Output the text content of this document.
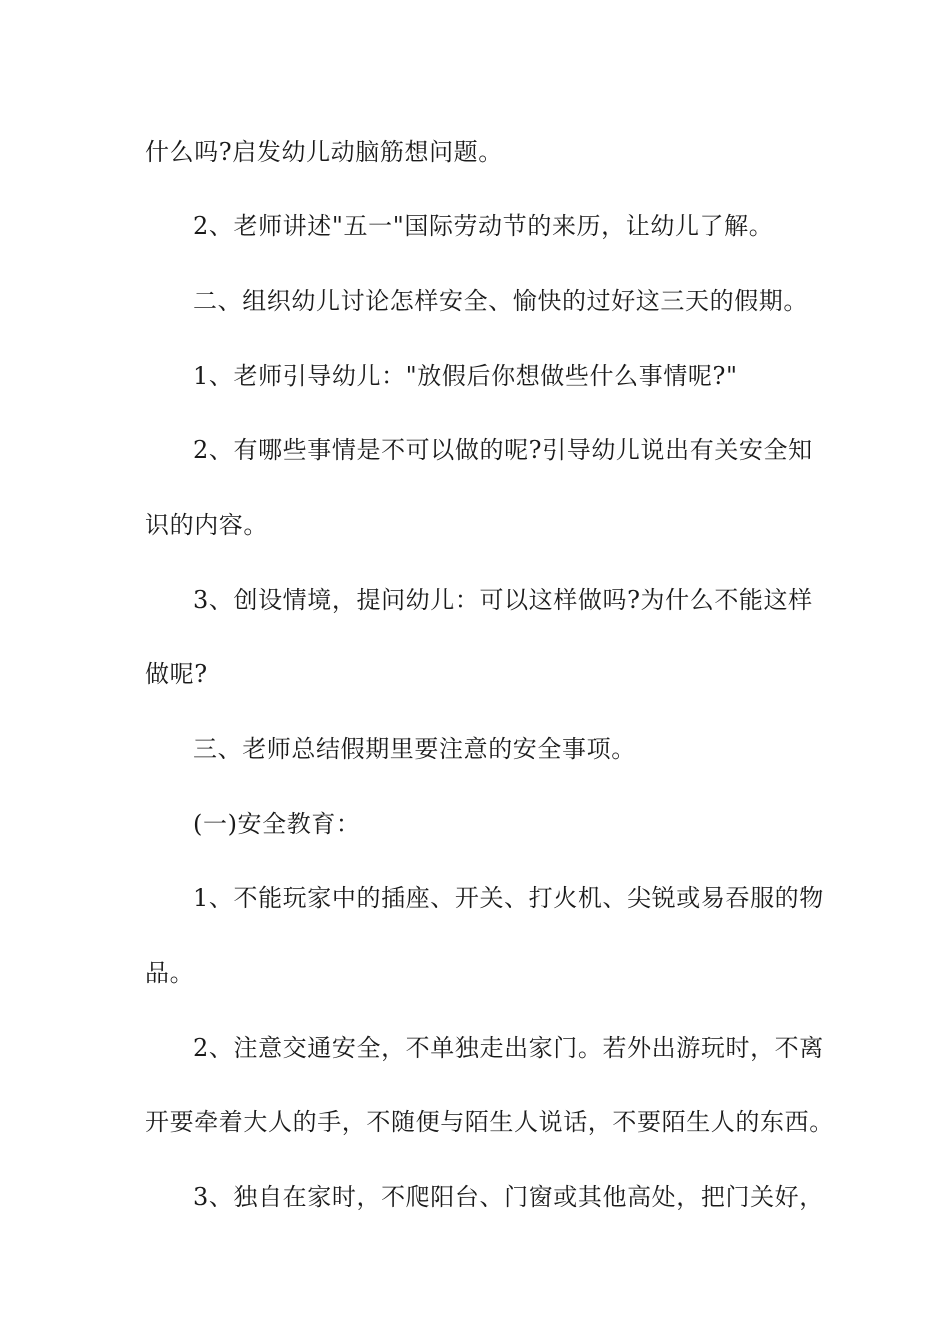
什么吗?启发幼儿动脑筋想问题。
2、老师讲述"五一"国际劳动节的来历，让幼儿了解。
二、组织幼儿讨论怎样安全、愉快的过好这三天的假期。
1、老师引导幼儿："放假后你想做些什么事情呢?"
2、有哪些事情是不可以做的呢?引导幼儿说出有关安全知
识的内容。
3、创设情境，提问幼儿：可以这样做吗?为什么不能这样
做呢?
三、老师总结假期里要注意的安全事项。
(一)安全教育：
1、不能玩家中的插座、开关、打火机、尖锐或易吞服的物
品。
2、注意交通安全，不单独走出家门。若外出游玩时，不离
开要牵着大人的手，不随便与陌生人说话，不要陌生人的东西。
3、独自在家时，不爬阳台、门窗或其他高处，把门关好，
